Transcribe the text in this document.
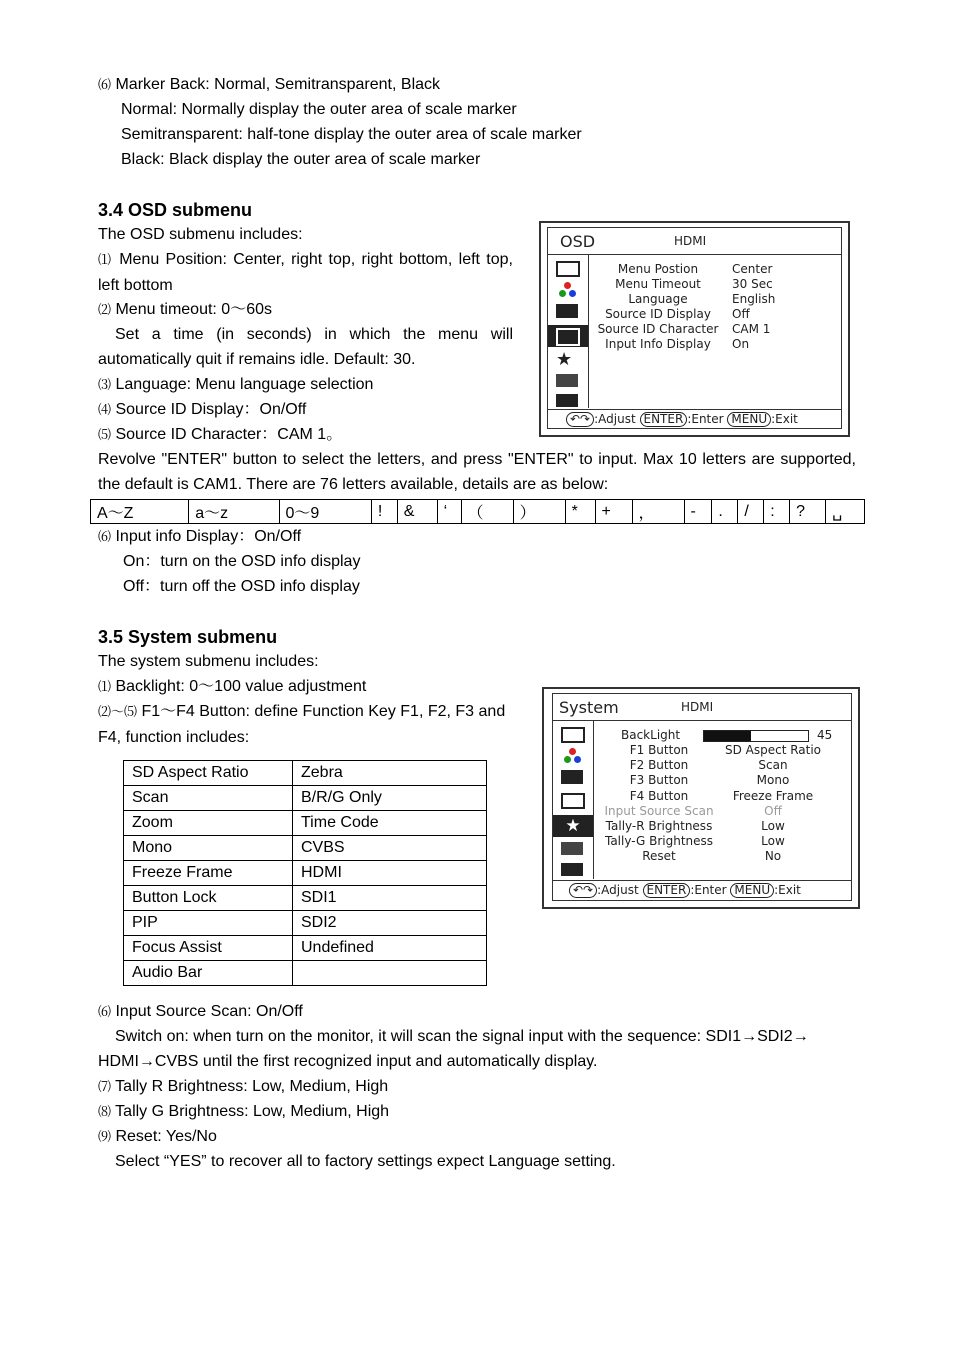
⑹ Marker Back: Normal, Semitransparent, Black
Normal: Normally display the outer area of scale marker
Semitransparent: half-tone display the outer area of scale marker
Black: Black display the outer area of scale marker
3.4 OSD submenu
The OSD submenu includes:
⑴ Menu Position: Center, right top, right bottom, left top, left bottom
⑵ Menu timeout: 0～60s
Set a time (in seconds) in which the menu will automatically quit if remains idle. Default: 30.
⑶ Language: Menu language selection
⑷ Source ID Display：On/Off
⑸ Source ID Character：CAM 1。
Revolve "ENTER" button to select the letters, and press "ENTER" to input. Max 10 letters are supported, the default is CAM1. There are 76 letters available, details are as below:
A～Z	a～z	0～9	!	&	‘	（	）	*	+	，	-	.	/	:	?	␣
⑹ Input info Display：On/Off
On：turn on the OSD info display
Off：turn off the OSD info display
OSD	HDMI
★
Menu Postion	Center
Menu Timeout	30 Sec
Language	English
Source ID Display	Off
Source ID Character	CAM 1
Input Info Display	On
↶↷ :Adjust ENTER :Enter MENU :Exit
3.5 System submenu
The system submenu includes:
⑴ Backlight: 0～100 value adjustment
⑵～⑸ F1～F4 Button: define Function Key F1, F2, F3 and F4, function includes:
SD Aspect Ratio	Zebra
Scan	B/R/G Only
Zoom	Time Code
Mono	CVBS
Freeze Frame	HDMI
Button Lock	SDI1
PIP	SDI2
Focus Assist	Undefined
Audio Bar	
⑹ Input Source Scan: On/Off
Switch on: when turn on the monitor, it will scan the signal input with the sequence: SDI1→SDI2→ HDMI→CVBS until the first recognized input and automatically display.
⑺ Tally R Brightness: Low, Medium, High
⑻ Tally G Brightness: Low, Medium, High
⑼ Reset: Yes/No
Select “YES” to recover all to factory settings expect Language setting.
System	HDMI
★
BackLight	45
F1 Button	SD Aspect Ratio
F2 Button	Scan
F3 Button	Mono
F4 Button	Freeze Frame
Input Source Scan	Off
Tally-R Brightness	Low
Tally-G Brightness	Low
Reset	No
↶↷ :Adjust ENTER :Enter MENU :Exit
